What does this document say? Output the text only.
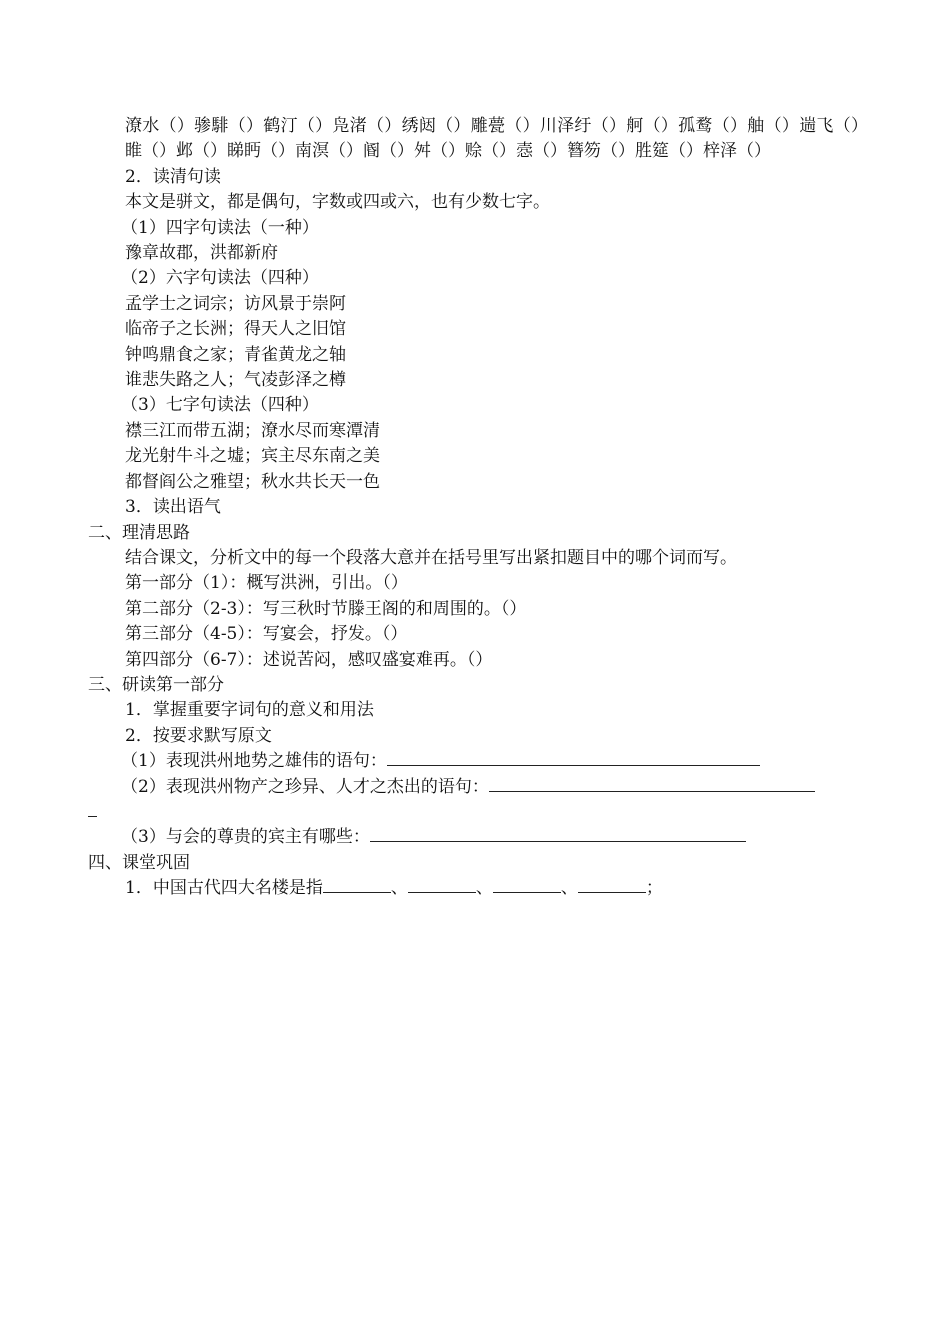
潦水（）骖騑（）鹤汀（）凫渚（）绣闼（）雕甍（）川泽纡（）舸（）孤鹜（）舳（）遄飞（）睢（）邺（）睇眄（）南溟（）阍（）舛（）赊（）悫（）簪笏（）胜筵（）梓泽（）
2．读清句读
本文是骈文，都是偶句，字数或四或六，也有少数七字。
（1）四字句读法（一种）
豫章故郡，洪都新府
（2）六字句读法（四种）
孟学士之词宗；访风景于崇阿
临帝子之长洲；得天人之旧馆
钟鸣鼎食之家；青雀黄龙之轴
谁悲失路之人；气凌彭泽之樽
（3）七字句读法（四种）
襟三江而带五湖；潦水尽而寒潭清
龙光射牛斗之墟；宾主尽东南之美
都督阎公之雅望；秋水共长天一色
3．读出语气
二、理清思路
结合课文，分析文中的每一个段落大意并在括号里写出紧扣题目中的哪个词而写。
第一部分（1）：概写洪洲，引出。（）
第二部分（2-3）：写三秋时节滕王阁的和周围的。（）
第三部分（4-5）：写宴会，抒发。（）
第四部分（6-7）：述说苦闷，感叹盛宴难再。（）
三、研读第一部分
1．掌握重要字词句的意义和用法
2．按要求默写原文
（1）表现洪州地势之雄伟的语句：
（2）表现洪州物产之珍异、人才之杰出的语句：
（3）与会的尊贵的宾主有哪些：
四、课堂巩固
1．中国古代四大名楼是指	、	、	、	；
